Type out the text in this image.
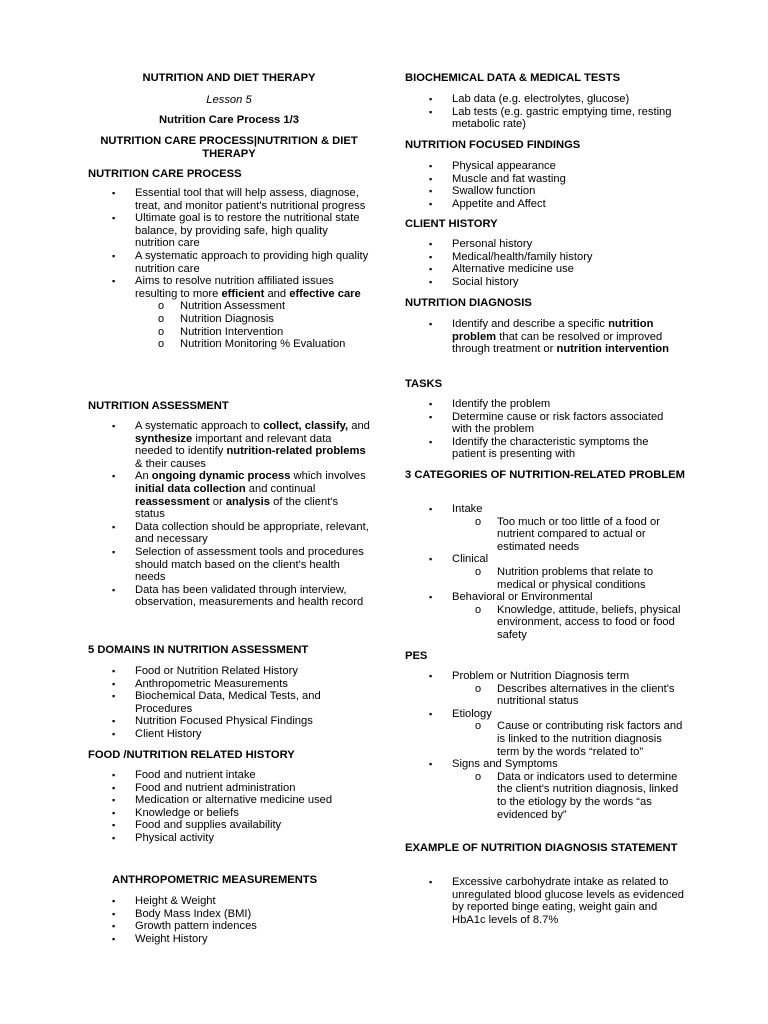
NUTRITION AND DIET THERAPY
Lesson 5
Nutrition Care Process 1/3
NUTRITION CARE PROCESS|NUTRITION & DIET THERAPY
NUTRITION CARE PROCESS
▪ Essential tool that will help assess, diagnose, treat, and monitor patient's nutritional progress
▪ Ultimate goal is to restore the nutritional state balance, by providing safe, high quality nutrition care
▪ A systematic approach to providing high quality nutrition care
▪ Aims to resolve nutrition affiliated issues resulting to more efficient and effective care
o Nutrition Assessment
o Nutrition Diagnosis
o Nutrition Intervention
o Nutrition Monitoring % Evaluation
NUTRITION ASSESSMENT
▪ A systematic approach to collect, classify, and synthesize important and relevant data needed to identify nutrition-related problems & their causes
▪ An ongoing dynamic process which involves initial data collection and continual reassessment or analysis of the client's status
▪ Data collection should be appropriate, relevant, and necessary
▪ Selection of assessment tools and procedures should match based on the client's health needs
▪ Data has been validated through interview, observation, measurements and health record
5 DOMAINS IN NUTRITION ASSESSMENT
▪ Food or Nutrition Related History
▪ Anthropometric Measurements
▪ Biochemical Data, Medical Tests, and Procedures
▪ Nutrition Focused Physical Findings
▪ Client History
FOOD /NUTRITION RELATED HISTORY
▪ Food and nutrient intake
▪ Food and nutrient administration
▪ Medication or alternative medicine used
▪ Knowledge or beliefs
▪ Food and supplies availability
▪ Physical activity
ANTHROPOMETRIC MEASUREMENTS
▪ Height & Weight
▪ Body Mass Index (BMI)
▪ Growth pattern indences
▪ Weight History
BIOCHEMICAL DATA & MEDICAL TESTS
▪ Lab data (e.g. electrolytes, glucose)
▪ Lab tests (e.g. gastric emptying time, resting metabolic rate)
NUTRITION FOCUSED FINDINGS
▪ Physical appearance
▪ Muscle and fat wasting
▪ Swallow function
▪ Appetite and Affect
CLIENT HISTORY
▪ Personal history
▪ Medical/health/family history
▪ Alternative medicine use
▪ Social history
NUTRITION DIAGNOSIS
▪ Identify and describe a specific nutrition problem that can be resolved or improved through treatment or nutrition intervention
TASKS
▪ Identify the problem
▪ Determine cause or risk factors associated with the problem
▪ Identify the characteristic symptoms the patient is presenting with
3 CATEGORIES OF NUTRITION-RELATED PROBLEM
▪ Intake
o Too much or too little of a food or nutrient compared to actual or estimated needs
▪ Clinical
o Nutrition problems that relate to medical or physical conditions
▪ Behavioral or Environmental
o Knowledge, attitude, beliefs, physical environment, access to food or food safety
PES
▪ Problem or Nutrition Diagnosis term
o Describes alternatives in the client's nutritional status
▪ Etiology
o Cause or contributing risk factors and is linked to the nutrition diagnosis term by the words “related to”
▪ Signs and Symptoms
o Data or indicators used to determine the client's nutrition diagnosis, linked to the etiology by the words “as evidenced by”
EXAMPLE OF NUTRITION DIAGNOSIS STATEMENT
▪ Excessive carbohydrate intake as related to unregulated blood glucose levels as evidenced by reported binge eating, weight gain and HbA1c levels of 8.7%
